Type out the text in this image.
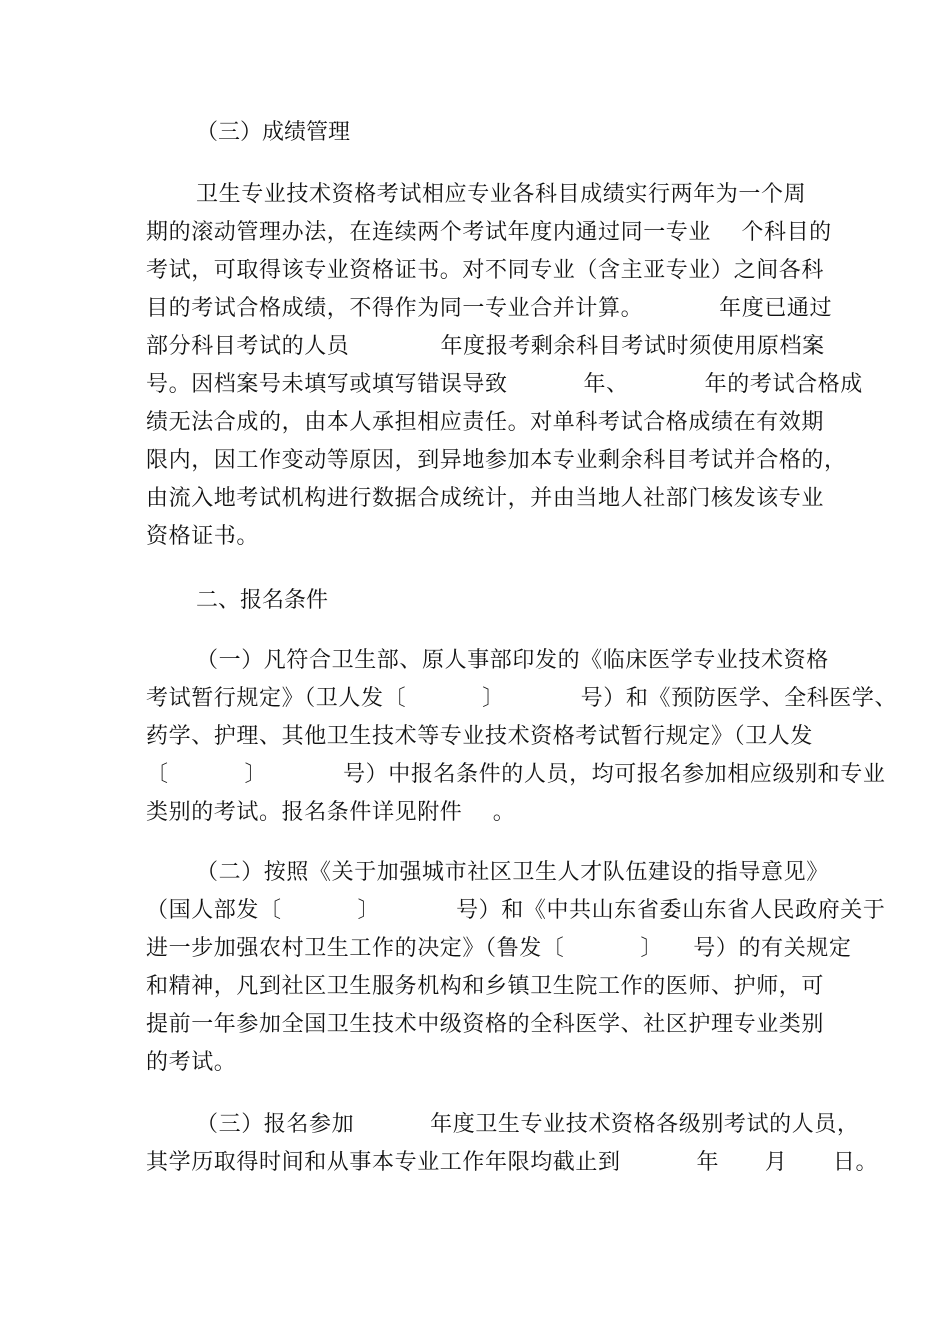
（三）成绩管理
卫生专业技术资格考试相应专业各科目成绩实行两年为一个周
期的滚动管理办法，在连续两个考试年度内通过同一专业    个科目的
考试，可取得该专业资格证书。对不同专业（含主亚专业）之间各科
目的考试合格成绩，不得作为同一专业合并计算。          年度已通过
部分科目考试的人员            年度报考剩余科目考试时须使用原档案
号。因档案号未填写或填写错误导致          年、          年的考试合格成
绩无法合成的，由本人承担相应责任。对单科考试合格成绩在有效期
限内，因工作变动等原因，到异地参加本专业剩余科目考试并合格的，
由流入地考试机构进行数据合成统计，并由当地人社部门核发该专业
资格证书。
二、报名条件
（一）凡符合卫生部、原人事部印发的《临床医学专业技术资格
考试暂行规定》（卫人发〔          〕          号）和《预防医学、全科医学、
药学、护理、其他卫生技术等专业技术资格考试暂行规定》（卫人发
〔          〕          号）中报名条件的人员，均可报名参加相应级别和专业
类别的考试。报名条件详见附件    。
（二）按照《关于加强城市社区卫生人才队伍建设的指导意见》
（国人部发〔          〕          号）和《中共山东省委山东省人民政府关于
进一步加强农村卫生工作的决定》（鲁发〔          〕    号）的有关规定
和精神，凡到社区卫生服务机构和乡镇卫生院工作的医师、护师，可
提前一年参加全国卫生技术中级资格的全科医学、社区护理专业类别
的考试。
（三）报名参加          年度卫生专业技术资格各级别考试的人员，
其学历取得时间和从事本专业工作年限均截止到          年      月      日。
